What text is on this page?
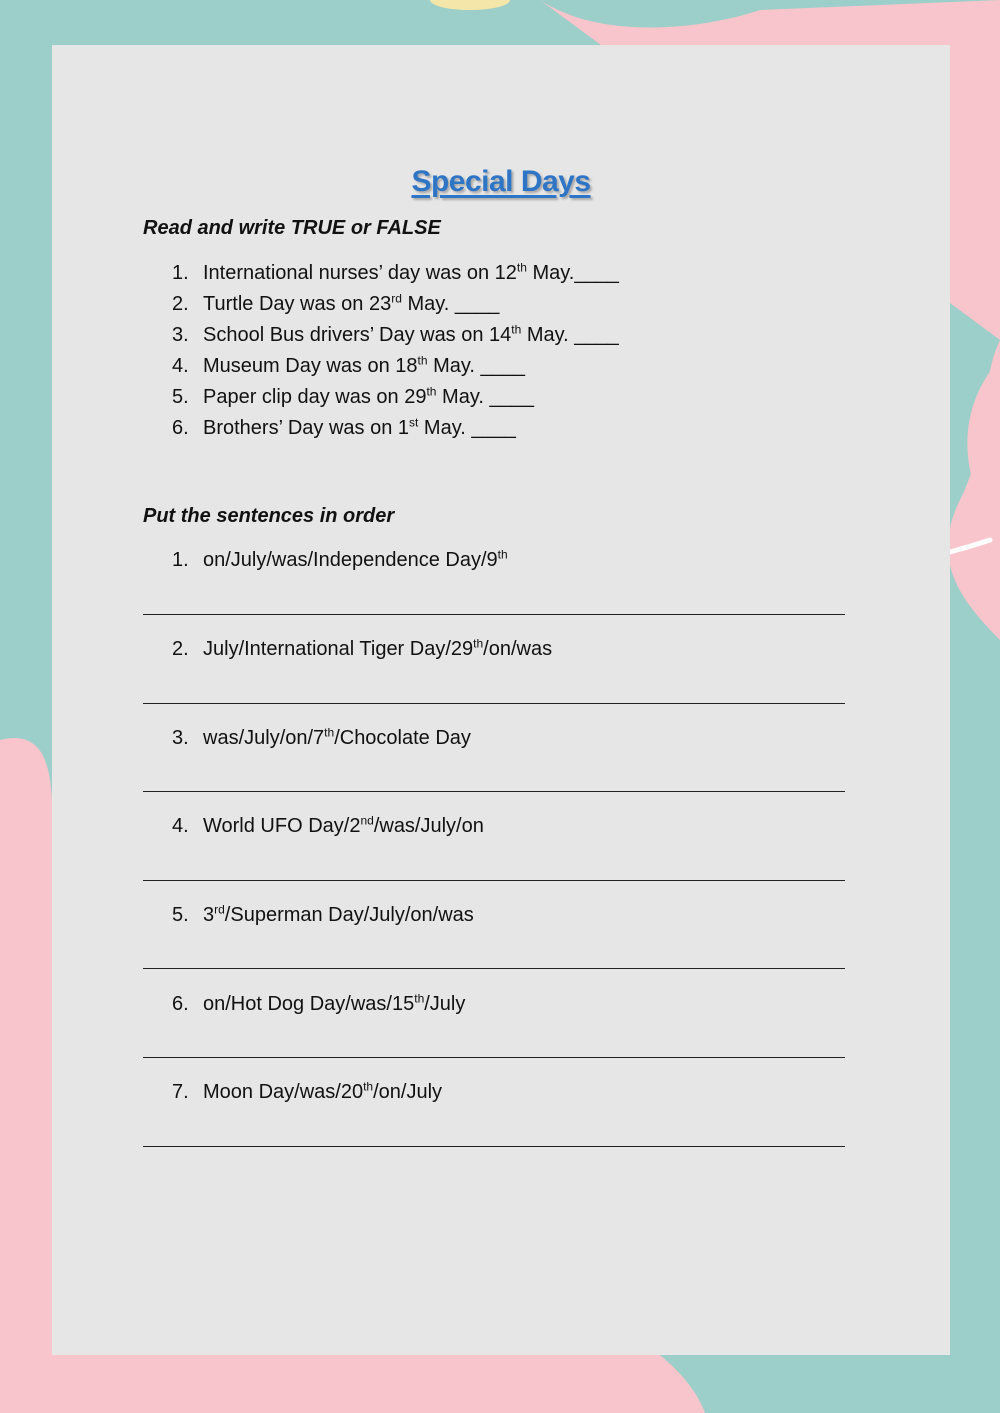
Special Days
Read and write TRUE or FALSE
1. International nurses’ day was on 12th May.____
2. Turtle Day was on 23rd May. ____
3. School Bus drivers’ Day was on 14th May. ____
4. Museum Day was on 18th May. ____
5. Paper clip day was on 29th May. ____
6. Brothers’ Day was on 1st May. ____
Put the sentences in order
1. on/July/was/Independence Day/9th
2. July/International Tiger Day/29th/on/was
3. was/July/on/7th/Chocolate Day
4. World UFO Day/2nd/was/July/on
5. 3rd/Superman Day/July/on/was
6. on/Hot Dog Day/was/15th/July
7. Moon Day/was/20th/on/July
